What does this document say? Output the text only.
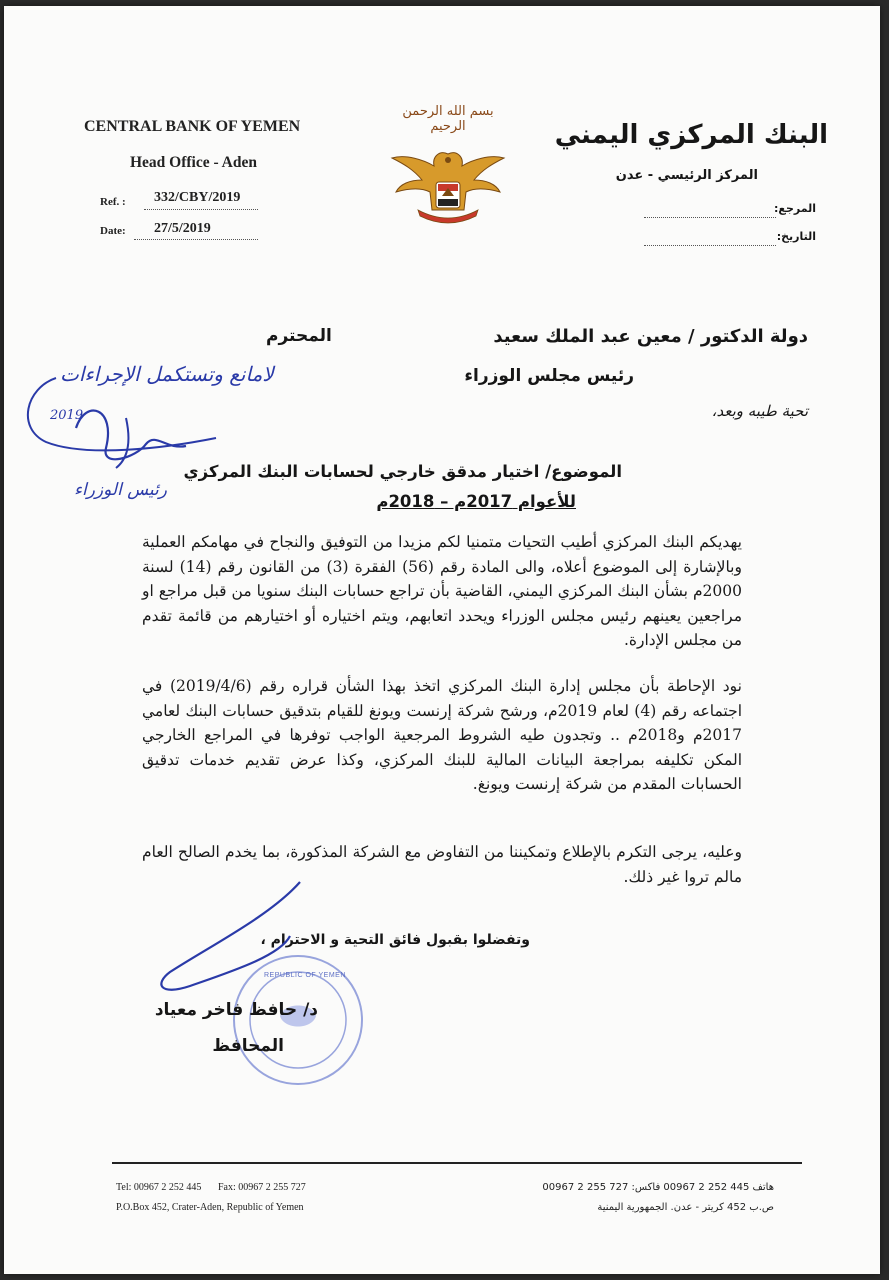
CENTRAL BANK OF YEMEN
Head Office - Aden
Ref. : 332/CBY/2019
Date: 27/5/2019
بسم الله الرحمن الرحيم	البنك المركزي اليمني
المركز الرئيسي - عدن
المرجع:
التاريخ:
دولة الدكتور / معين عبد الملك سعيد
المحترم
رئيس مجلس الوزراء
تحية طيبه وبعد،
لامانع وتستكمل الإجراءات
2019
رئيس الوزراء
الموضوع/ اختيار مدقق خارجي لحسابات البنك المركزي
للأعوام 2017م – 2018م

يهديكم البنك المركزي أطيب التحيات متمنيا لكم مزيدا من التوفيق والنجاح في مهامكم العملية وبالإشارة إلى الموضوع أعلاه، والى المادة رقم (56) الفقرة (3) من القانون رقم (14) لسنة 2000م بشأن البنك المركزي اليمني، القاضية بأن تراجع حسابات البنك سنويا من قبل مراجع او مراجعين يعينهم رئيس مجلس الوزراء ويحدد اتعابهم، ويتم اختياره أو اختيارهم من قائمة تقدم من مجلس الإدارة.

نود الإحاطة بأن مجلس إدارة البنك المركزي اتخذ بهذا الشأن قراره رقم (2019/4/6) في اجتماعه رقم (4) لعام 2019م، ورشح شركة إرنست ويونغ للقيام بتدقيق حسابات البنك لعامي 2017م و2018م .. وتجدون طيه الشروط المرجعية الواجب توفرها في المراجع الخارجي المكن تكليفه بمراجعة البيانات المالية للبنك المركزي، وكذا عرض تقديم خدمات تدقيق الحسابات المقدم من شركة إرنست ويونغ.

وعليه، يرجى التكرم بالإطلاع وتمكيننا من التفاوض مع الشركة المذكورة، بما يخدم الصالح العام مالم تروا غير ذلك.

وتفضلوا بقبول فائق التحية و الاحترام ،
REPUBLIC OF YEMEN
د/ حافظ فاخر معياد
المحافظ
Tel: 00967 2 252 445 Fax: 00967 2 255 727
P.O.Box 452, Crater-Aden, Republic of Yemen
هاتف 445 252 2 00967 فاكس: 727 255 2 00967
ص.ب 452 كريتر - عدن. الجمهورية اليمنية
